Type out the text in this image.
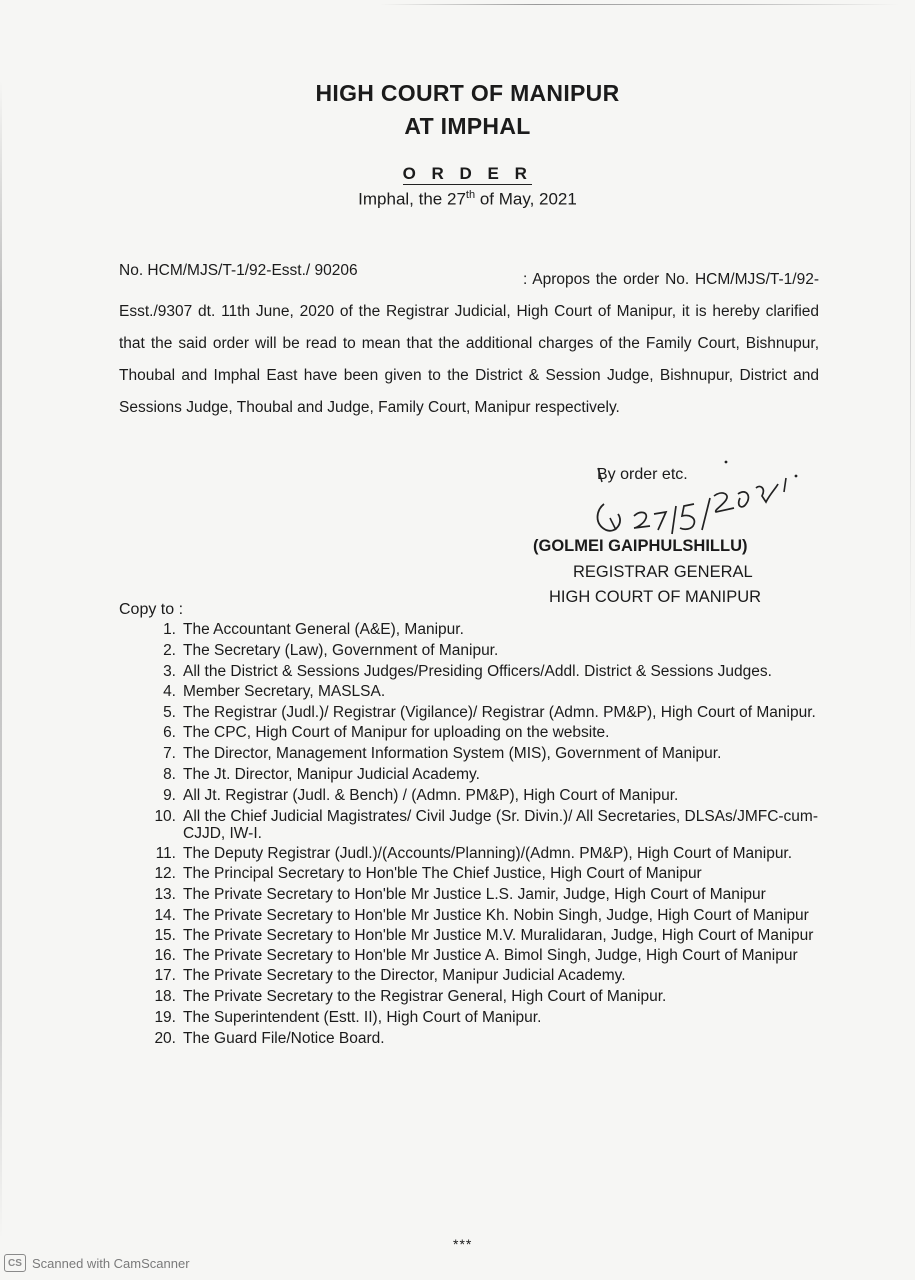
HIGH COURT OF MANIPUR
AT IMPHAL
O R D E R
Imphal, the 27th of May, 2021
No. HCM/MJS/T-1/92-Esst./ 90206
: Apropos the order No. HCM/MJS/T-1/92-Esst./9307 dt. 11th June, 2020 of the Registrar Judicial, High Court of Manipur, it is hereby clarified that the said order will be read to mean that the additional charges of the Family Court, Bishnupur, Thoubal and Imphal East have been given to the District & Session Judge, Bishnupur, District and Sessions Judge, Thoubal and Judge, Family Court, Manipur respectively.
By order etc.
(GOLMEI GAIPHULSHILLU)
REGISTRAR GENERAL
HIGH COURT OF MANIPUR
Copy to :
1. The Accountant General (A&E), Manipur.
2. The Secretary (Law), Government of Manipur.
3. All the District & Sessions Judges/Presiding Officers/Addl. District & Sessions Judges.
4. Member Secretary, MASLSA.
5. The Registrar (Judl.)/ Registrar (Vigilance)/ Registrar (Admn. PM&P), High Court of Manipur.
6. The CPC, High Court of Manipur for uploading on the website.
7. The Director, Management Information System (MIS), Government of Manipur.
8. The Jt. Director, Manipur Judicial Academy.
9. All Jt. Registrar (Judl. & Bench) / (Admn. PM&P), High Court of Manipur.
10. All the Chief Judicial Magistrates/ Civil Judge (Sr. Divin.)/ All Secretaries, DLSAs/JMFC-cum-CJJD, IW-I.
11. The Deputy Registrar (Judl.)/(Accounts/Planning)/(Admn. PM&P), High Court of Manipur.
12. The Principal Secretary to Hon'ble The Chief Justice, High Court of Manipur
13. The Private Secretary to Hon'ble Mr Justice L.S. Jamir, Judge, High Court of Manipur
14. The Private Secretary to Hon'ble Mr Justice Kh. Nobin Singh, Judge, High Court of Manipur
15. The Private Secretary to Hon'ble Mr Justice M.V. Muralidaran, Judge, High Court of Manipur
16. The Private Secretary to Hon'ble Mr Justice A. Bimol Singh, Judge, High Court of Manipur
17. The Private Secretary to the Director, Manipur Judicial Academy.
18. The Private Secretary to the Registrar General, High Court of Manipur.
19. The Superintendent (Estt. II), High Court of Manipur.
20. The Guard File/Notice Board.
***
CS Scanned with CamScanner
